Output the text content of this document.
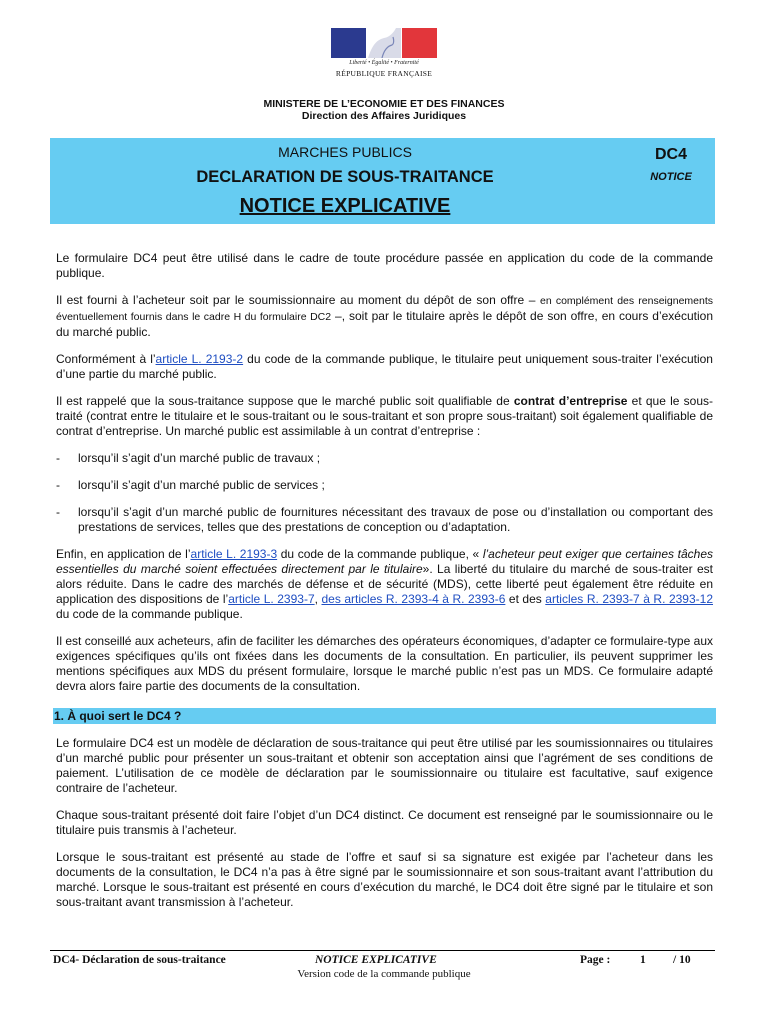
Liberté • Égalité • Fraternité
RÉPUBLIQUE FRANÇAISE
MINISTERE DE L’ECONOMIE ET DES FINANCES
Direction des Affaires Juridiques
MARCHES PUBLICS
DECLARATION DE SOUS-TRAITANCE
NOTICE EXPLICATIVE
DC4
NOTICE

Le formulaire DC4 peut être utilisé dans le cadre de toute procédure passée en application du code de la commande publique.

Il est fourni à l’acheteur soit par le soumissionnaire au moment du dépôt de son offre – en complément des renseignements éventuellement fournis dans le cadre H du formulaire DC2 –, soit par le titulaire après le dépôt de son offre, en cours d’exécution du marché public.

Conformément à l’article L. 2193-2 du code de la commande publique, le titulaire peut uniquement sous-traiter l’exécution d’une partie du marché public.

Il est rappelé que la sous-traitance suppose que le marché public soit qualifiable de contrat d’entreprise et que le sous-traité (contrat entre le titulaire et le sous-traitant ou le sous-traitant et son propre sous-traitant) soit également qualifiable de contrat d’entreprise. Un marché public est assimilable à un contrat d’entreprise :

- lorsqu’il s’agit d’un marché public de travaux ;
- lorsqu’il s’agit d’un marché public de services ;
- lorsqu’il s’agit d’un marché public de fournitures nécessitant des travaux de pose ou d’installation ou comportant des prestations de services, telles que des prestations de conception ou d’adaptation.

Enfin, en application de l’article L. 2193-3 du code de la commande publique, « l’acheteur peut exiger que certaines tâches essentielles du marché soient effectuées directement par le titulaire». La liberté du titulaire du marché de sous-traiter est alors réduite. Dans le cadre des marchés de défense et de sécurité (MDS), cette liberté peut également être réduite en application des dispositions de l’article L. 2393-7, des articles R. 2393-4 à R. 2393-6 et des articles R. 2393-7 à R. 2393-12 du code de la commande publique.

Il est conseillé aux acheteurs, afin de faciliter les démarches des opérateurs économiques, d’adapter ce formulaire-type aux exigences spécifiques qu’ils ont fixées dans les documents de la consultation. En particulier, ils peuvent supprimer les mentions spécifiques aux MDS du présent formulaire, lorsque le marché public n’est pas un MDS. Ce formulaire adapté devra alors faire partie des documents de la consultation.

1. À quoi sert le DC4 ?

Le formulaire DC4 est un modèle de déclaration de sous-traitance qui peut être utilisé par les soumissionnaires ou titulaires d’un marché public pour présenter un sous-traitant et obtenir son acceptation ainsi que l’agrément de ses conditions de paiement. L’utilisation de ce modèle de déclaration par le soumissionnaire ou titulaire est facultative, sauf exigence contraire de l’acheteur.

Chaque sous-traitant présenté doit faire l’objet d’un DC4 distinct. Ce document est renseigné par le soumissionnaire ou le titulaire puis transmis à l’acheteur.

Lorsque le sous-traitant est présenté au stade de l’offre et sauf si sa signature est exigée par l’acheteur dans les documents de la consultation, le DC4 n’a pas à être signé par le soumissionnaire et son sous-traitant avant l’attribution du marché. Lorsque le sous-traitant est présenté en cours d’exécution du marché, le DC4 doit être signé par le titulaire et son sous-traitant avant transmission à l’acheteur.

DC4- Déclaration de sous-traitance	NOTICE EXPLICATIVE	Page :	1 / 10
Version code de la commande publique
